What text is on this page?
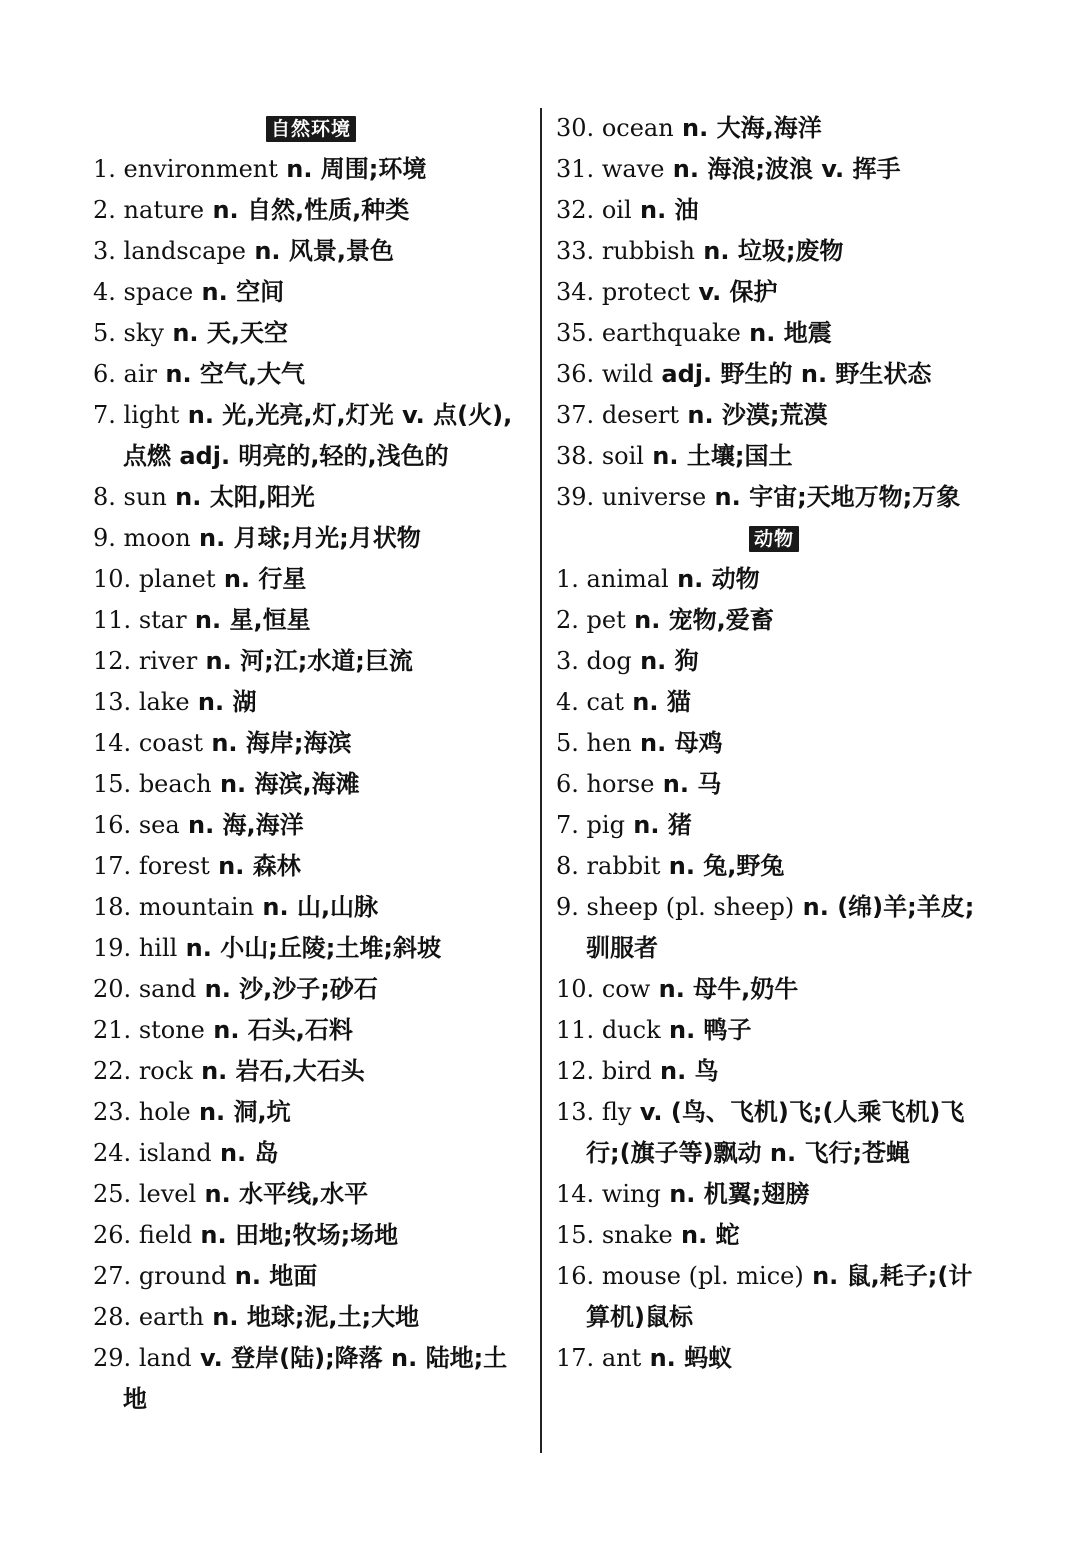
自然环境
1. environment n. 周围;环境
2. nature n. 自然,性质,种类
3. landscape n. 风景,景色
4. space n. 空间
5. sky n. 天,天空
6. air n. 空气,大气
7. light n. 光,光亮,灯,灯光 v. 点(火),点燃 adj. 明亮的,轻的,浅色的
8. sun n. 太阳,阳光
9. moon n. 月球;月光;月状物
10. planet n. 行星
11. star n. 星,恒星
12. river n. 河;江;水道;巨流
13. lake n. 湖
14. coast n. 海岸;海滨
15. beach n. 海滨,海滩
16. sea n. 海,海洋
17. forest n. 森林
18. mountain n. 山,山脉
19. hill n. 小山;丘陵;土堆;斜坡
20. sand n. 沙,沙子;砂石
21. stone n. 石头,石料
22. rock n. 岩石,大石头
23. hole n. 洞,坑
24. island n. 岛
25. level n. 水平线,水平
26. field n. 田地;牧场;场地
27. ground n. 地面
28. earth n. 地球;泥,土;大地
29. land v. 登岸(陆);降落 n. 陆地;土地
30. ocean n. 大海,海洋
31. wave n. 海浪;波浪 v. 挥手
32. oil n. 油
33. rubbish n. 垃圾;废物
34. protect v. 保护
35. earthquake n. 地震
36. wild adj. 野生的 n. 野生状态
37. desert n. 沙漠;荒漠
38. soil n. 土壤;国土
39. universe n. 宇宙;天地万物;万象
动物
1. animal n. 动物
2. pet n. 宠物,爱畜
3. dog n. 狗
4. cat n. 猫
5. hen n. 母鸡
6. horse n. 马
7. pig n. 猪
8. rabbit n. 兔,野兔
9. sheep (pl. sheep) n. (绵)羊;羊皮;驯服者
10. cow n. 母牛,奶牛
11. duck n. 鸭子
12. bird n. 鸟
13. fly v. (鸟、飞机)飞;(人乘飞机)飞行;(旗子等)飘动 n. 飞行;苍蝇
14. wing n. 机翼;翅膀
15. snake n. 蛇
16. mouse (pl. mice) n. 鼠,耗子;(计算机)鼠标
17. ant n. 蚂蚁
